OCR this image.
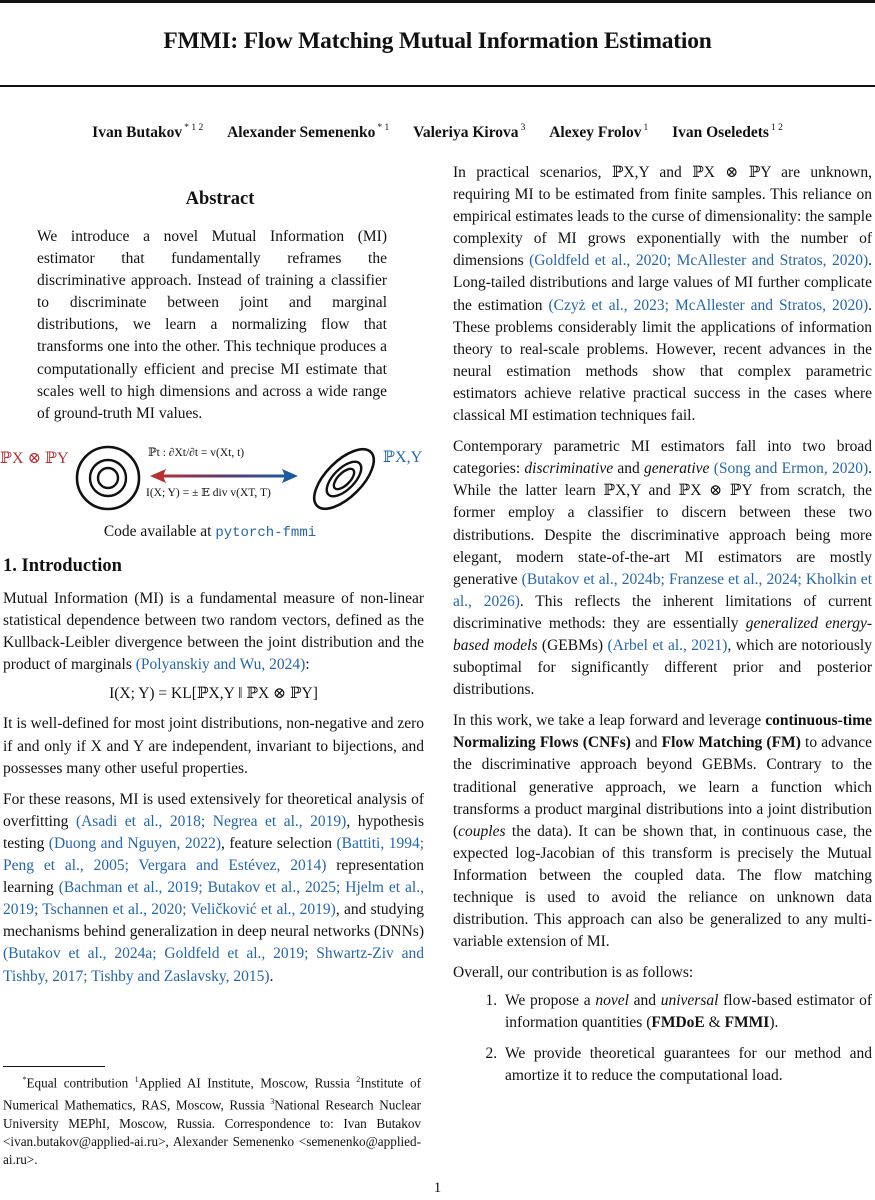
FMMI: Flow Matching Mutual Information Estimation
Ivan Butakov $^{* 1 2}$ Alexander Semenenko $^{* 1}$ Valeriya Kirova $^3$ Alexey Frolov $^1$ Ivan Oseledets $^{1 2}$
Abstract
We introduce a novel Mutual Information (MI) estimator that fundamentally reframes the discriminative approach. Instead of training a classifier to discriminate between joint and marginal distributions, we learn a normalizing flow that transforms one into the other. This technique produces a computationally efficient and precise MI estimate that scales well to high dimensions and across a wide range of ground-truth MI values.
ℙX ⊗ ℙY	ℙt : ∂Xt/∂t = v(Xt, t)
I(X; Y) = ± 𝔼 div v(XT, T)
ℙX,Y
Code available at pytorch-fmmi
1. Introduction

Mutual Information (MI) is a fundamental measure of non-linear statistical dependence between two random vectors, defined as the Kullback-Leibler divergence between the joint distribution and the product of marginals (Polyanskiy and Wu, 2024):

I(X; Y) = KL[ℙX,Y ‖ ℙX ⊗ ℙY]

It is well-defined for most joint distributions, non-negative and zero if and only if X and Y are independent, invariant to bijections, and possesses many other useful properties.

For these reasons, MI is used extensively for theoretical analysis of overfitting (Asadi et al., 2018; Negrea et al., 2019), hypothesis testing (Duong and Nguyen, 2022), feature selection (Battiti, 1994; Peng et al., 2005; Vergara and Estévez, 2014) representation learning (Bachman et al., 2019; Butakov et al., 2025; Hjelm et al., 2019; Tschannen et al., 2020; Veličković et al., 2019), and studying mechanisms behind generalization in deep neural networks (DNNs) (Butakov et al., 2024a; Goldfeld et al., 2019; Shwartz-Ziv and Tishby, 2017; Tishby and Zaslavsky, 2015).

*Equal contribution $^1$Applied AI Institute, Moscow, Russia $^2$Institute of Numerical Mathematics, RAS, Moscow, Russia $^3$National Research Nuclear University MEPhI, Moscow, Russia. Correspondence to: Ivan Butakov <ivan.butakov@applied-ai.ru>, Alexander Semenenko <semenenko@applied-ai.ru>.

In practical scenarios, ℙX,Y and ℙX ⊗ ℙY are unknown, requiring MI to be estimated from finite samples. This reliance on empirical estimates leads to the curse of dimensionality: the sample complexity of MI grows exponentially with the number of dimensions (Goldfeld et al., 2020; McAllester and Stratos, 2020). Long-tailed distributions and large values of MI further complicate the estimation (Czyż et al., 2023; McAllester and Stratos, 2020). These problems considerably limit the applications of information theory to real-scale problems. However, recent advances in the neural estimation methods show that complex parametric estimators achieve relative practical success in the cases where classical MI estimation techniques fail.

Contemporary parametric MI estimators fall into two broad categories: discriminative and generative (Song and Ermon, 2020). While the latter learn ℙX,Y and ℙX ⊗ ℙY from scratch, the former employ a classifier to discern between these two distributions. Despite the discriminative approach being more elegant, modern state-of-the-art MI estimators are mostly generative (Butakov et al., 2024b; Franzese et al., 2024; Kholkin et al., 2026). This reflects the inherent limitations of current discriminative methods: they are essentially generalized energy-based models (GEBMs) (Arbel et al., 2021), which are notoriously suboptimal for significantly different prior and posterior distributions.

In this work, we take a leap forward and leverage continuous-time Normalizing Flows (CNFs) and Flow Matching (FM) to advance the discriminative approach beyond GEBMs. Contrary to the traditional generative approach, we learn a function which transforms a product marginal distributions into a joint distribution (couples the data). It can be shown that, in continuous case, the expected log-Jacobian of this transform is precisely the Mutual Information between the coupled data. The flow matching technique is used to avoid the reliance on unknown data distribution. This approach can also be generalized to any multi-variable extension of MI.

Overall, our contribution is as follows:

1. We propose a novel and universal flow-based estimator of information quantities (FMDoE & FMMI).
2. We provide theoretical guarantees for our method and amortize it to reduce the computational load.
1
